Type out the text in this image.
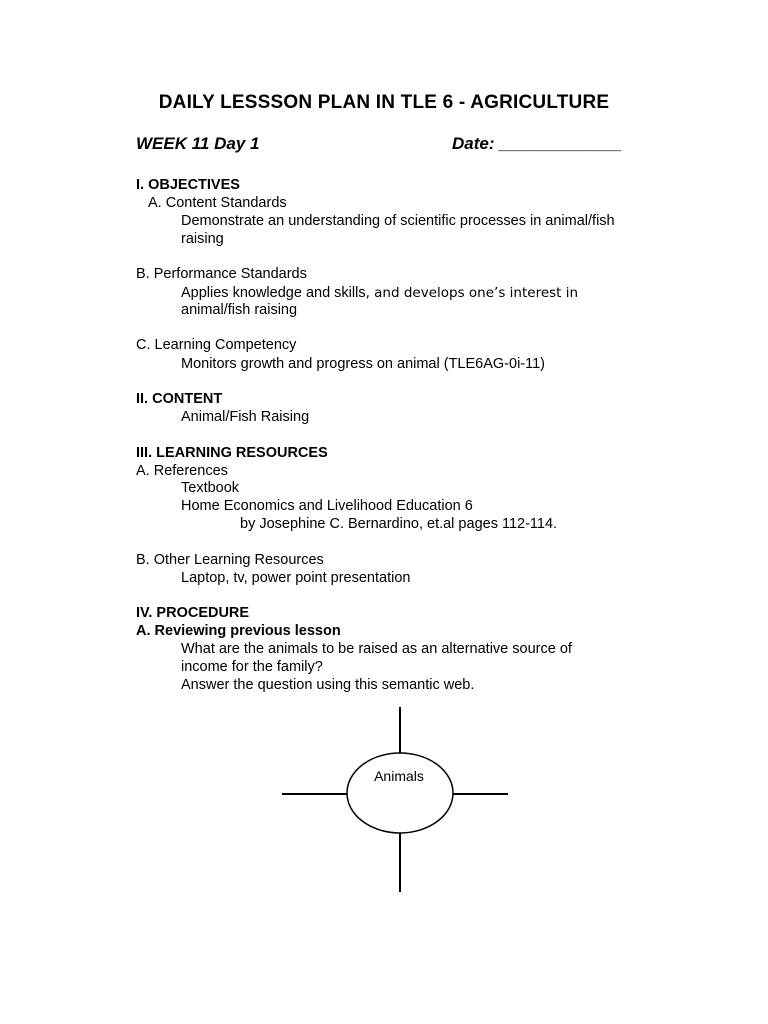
DAILY LESSSON PLAN IN TLE 6 - AGRICULTURE
WEEK 11 Day 1	Date: _____________
I. OBJECTIVES
A. Content Standards
Demonstrate an understanding of scientific processes in animal/fish
raising
B. Performance Standards
Applies knowledge and skills, and develops one’s interest in
animal/fish raising
C. Learning Competency
Monitors growth and progress on animal (TLE6AG-0i-11)
II. CONTENT
Animal/Fish Raising
III. LEARNING RESOURCES
A. References
Textbook
Home Economics and Livelihood Education 6
by Josephine C. Bernardino, et.al pages 112-114.
B. Other Learning Resources
Laptop, tv, power point presentation
IV. PROCEDURE
A. Reviewing previous lesson
What are the animals to be raised as an alternative source of
income for the family?
Answer the question using this semantic web.
Animals
